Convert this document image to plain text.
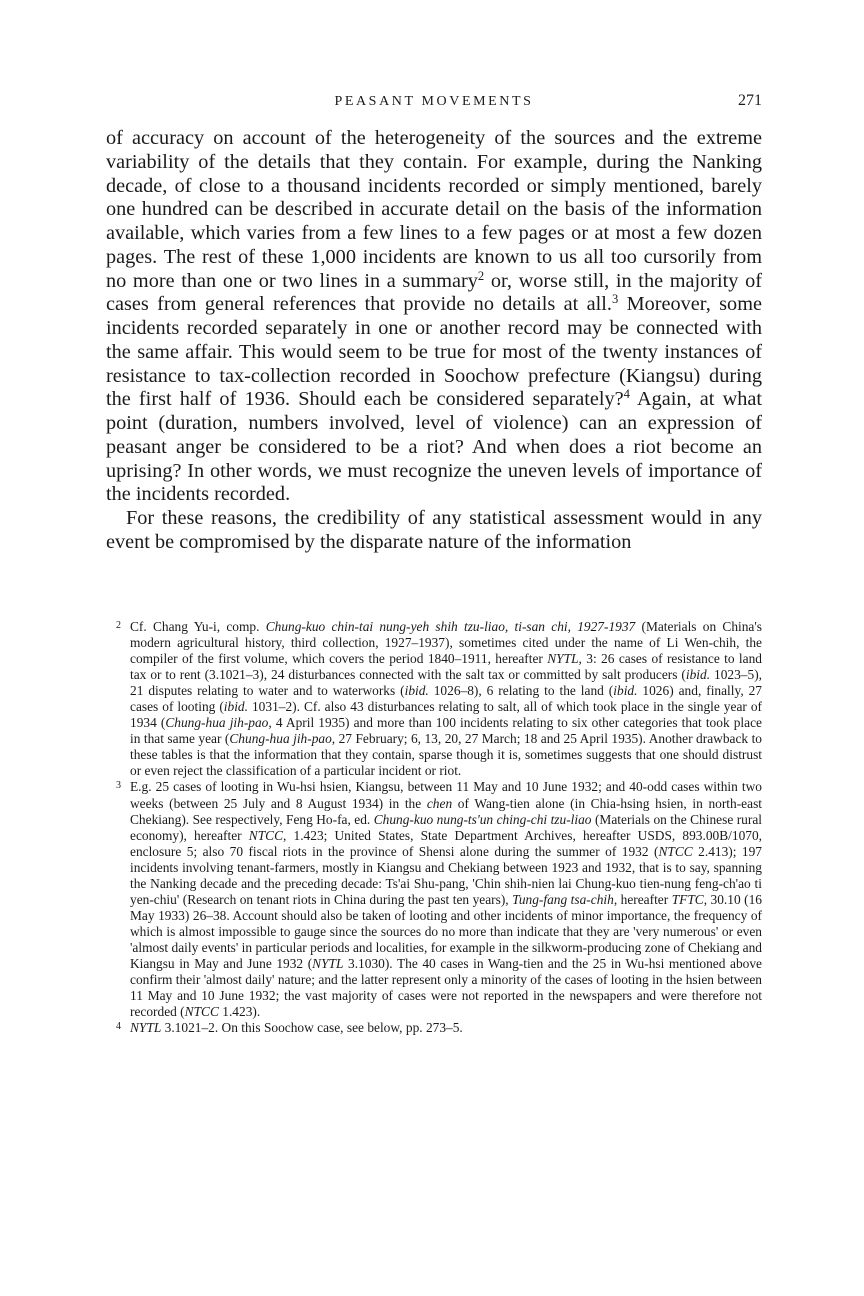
PEASANT MOVEMENTS	271

of accuracy on account of the heterogeneity of the sources and the extreme variability of the details that they contain. For example, during the Nanking decade, of close to a thousand incidents recorded or simply mentioned, barely one hundred can be described in accurate detail on the basis of the information available, which varies from a few lines to a few pages or at most a few dozen pages. The rest of these 1,000 incidents are known to us all too cursorily from no more than one or two lines in a summary$^2$ or, worse still, in the majority of cases from general references that provide no details at all.$^3$ Moreover, some incidents recorded separately in one or another record may be connected with the same affair. This would seem to be true for most of the twenty instances of resistance to tax-collection recorded in Soochow prefecture (Kiangsu) during the first half of 1936. Should each be considered separately?$^4$ Again, at what point (duration, numbers involved, level of violence) can an expression of peasant anger be considered to be a riot? And when does a riot become an uprising? In other words, we must recognize the uneven levels of importance of the incidents recorded.

For these reasons, the credibility of any statistical assessment would in any event be compromised by the disparate nature of the information

2 Cf. Chang Yu-i, comp. Chung-kuo chin-tai nung-yeh shih tzu-liao, ti-san chi, 1927-1937 (Materials on China's modern agricultural history, third collection, 1927–1937), sometimes cited under the name of Li Wen-chih, the compiler of the first volume, which covers the period 1840–1911, hereafter NYTL, 3: 26 cases of resistance to land tax or to rent (3.1021–3), 24 disturbances connected with the salt tax or committed by salt producers (ibid. 1023–5), 21 disputes relating to water and to waterworks (ibid. 1026–8), 6 relating to the land (ibid. 1026) and, finally, 27 cases of looting (ibid. 1031–2). Cf. also 43 disturbances relating to salt, all of which took place in the single year of 1934 (Chung-hua jih-pao, 4 April 1935) and more than 100 incidents relating to six other categories that took place in that same year (Chung-hua jih-pao, 27 February; 6, 13, 20, 27 March; 18 and 25 April 1935). Another drawback to these tables is that the information that they contain, sparse though it is, sometimes suggests that one should distrust or even reject the classification of a particular incident or riot.

3 E.g. 25 cases of looting in Wu-hsi hsien, Kiangsu, between 11 May and 10 June 1932; and 40-odd cases within two weeks (between 25 July and 8 August 1934) in the chen of Wang-tien alone (in Chia-hsing hsien, in north-east Chekiang). See respectively, Feng Ho-fa, ed. Chung-kuo nung-ts'un ching-chi tzu-liao (Materials on the Chinese rural economy), hereafter NTCC, 1.423; United States, State Department Archives, hereafter USDS, 893.00B/1070, enclosure 5; also 70 fiscal riots in the province of Shensi alone during the summer of 1932 (NTCC 2.413); 197 incidents involving tenant-farmers, mostly in Kiangsu and Chekiang between 1923 and 1932, that is to say, spanning the Nanking decade and the preceding decade: Ts'ai Shu-pang, 'Chin shih-nien lai Chung-kuo tien-nung feng-ch'ao ti yen-chiu' (Research on tenant riots in China during the past ten years), Tung-fang tsa-chih, hereafter TFTC, 30.10 (16 May 1933) 26–38. Account should also be taken of looting and other incidents of minor importance, the frequency of which is almost impossible to gauge since the sources do no more than indicate that they are 'very numerous' or even 'almost daily events' in particular periods and localities, for example in the silkworm-producing zone of Chekiang and Kiangsu in May and June 1932 (NYTL 3.1030). The 40 cases in Wang-tien and the 25 in Wu-hsi mentioned above confirm their 'almost daily' nature; and the latter represent only a minority of the cases of looting in the hsien between 11 May and 10 June 1932; the vast majority of cases were not reported in the newspapers and were therefore not recorded (NTCC 1.423).

4 NYTL 3.1021–2. On this Soochow case, see below, pp. 273–5.
